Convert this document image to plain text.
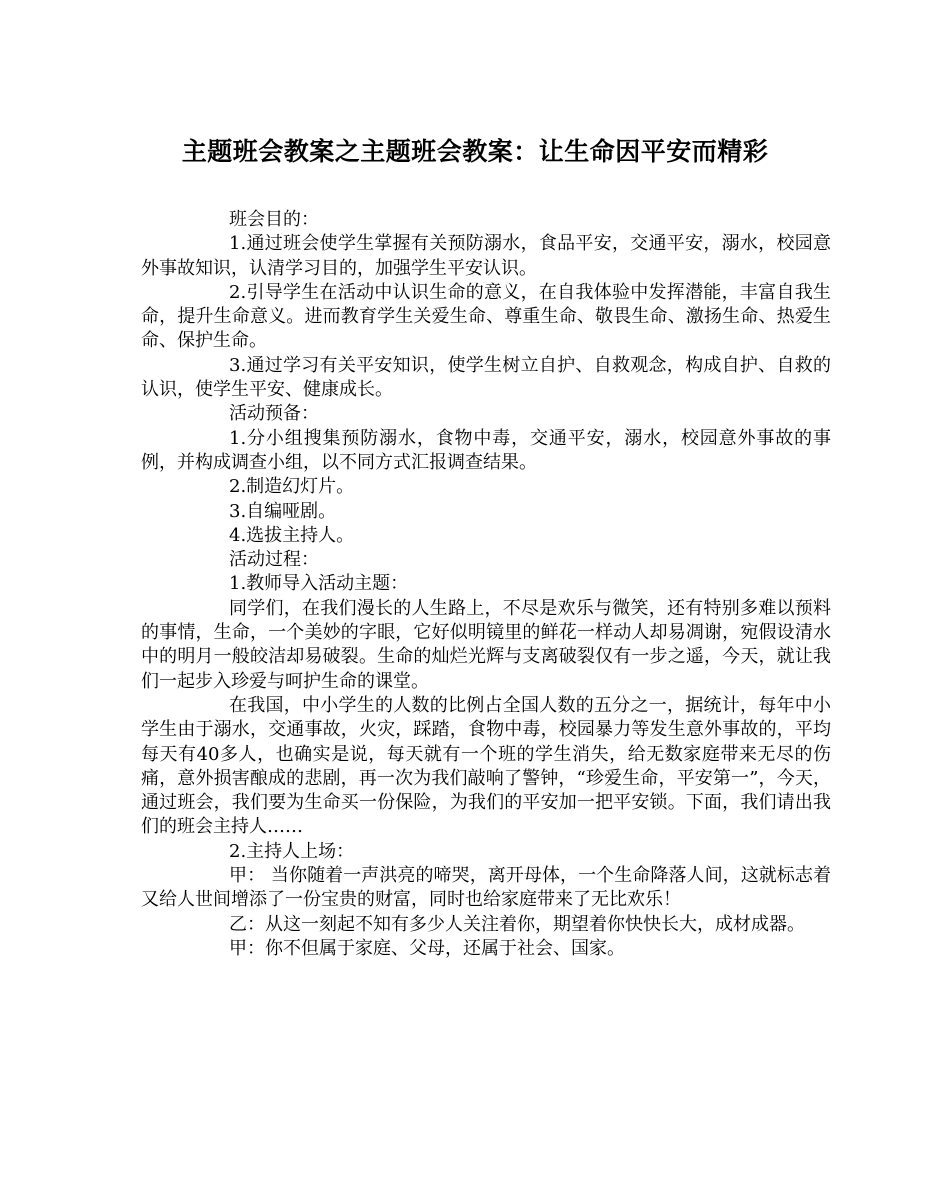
主题班会教案之主题班会教案：让生命因平安而精彩

班会目的：

1.通过班会使学生掌握有关预防溺水，食品平安，交通平安，溺水，校园意外事故知识，认清学习目的，加强学生平安认识。

2.引导学生在活动中认识生命的意义，在自我体验中发挥潜能，丰富自我生命，提升生命意义。进而教育学生关爱生命、尊重生命、敬畏生命、激扬生命、热爱生命、保护生命。

3.通过学习有关平安知识，使学生树立自护、自救观念，构成自护、自救的认识，使学生平安、健康成长。

活动预备：

1.分小组搜集预防溺水，食物中毒，交通平安，溺水，校园意外事故的事例，并构成调查小组，以不同方式汇报调查结果。

2.制造幻灯片。

3.自编哑剧。

4.选拔主持人。

活动过程：

1.教师导入活动主题：

同学们，在我们漫长的人生路上，不尽是欢乐与微笑，还有特别多难以预料的事情，生命，一个美妙的字眼，它好似明镜里的鲜花一样动人却易凋谢，宛假设清水中的明月一般皎洁却易破裂。生命的灿烂光辉与支离破裂仅有一步之遥，今天，就让我们一起步入珍爱与呵护生命的课堂。

在我国，中小学生的人数的比例占全国人数的五分之一，据统计，每年中小学生由于溺水，交通事故，火灾，踩踏，食物中毒，校园暴力等发生意外事故的，平均每天有40多人，也确实是说，每天就有一个班的学生消失，给无数家庭带来无尽的伤痛，意外损害酿成的悲剧，再一次为我们敲响了警钟，“珍爱生命，平安第一”，今天，通过班会，我们要为生命买一份保险，为我们的平安加一把平安锁。下面，我们请出我们的班会主持人……

2.主持人上场：

甲： 当你随着一声洪亮的啼哭，离开母体，一个生命降落人间，这就标志着又给人世间增添了一份宝贵的财富，同时也给家庭带来了无比欢乐！

乙：从这一刻起不知有多少人关注着你，期望着你快快长大，成材成器。

甲：你不但属于家庭、父母，还属于社会、国家。
